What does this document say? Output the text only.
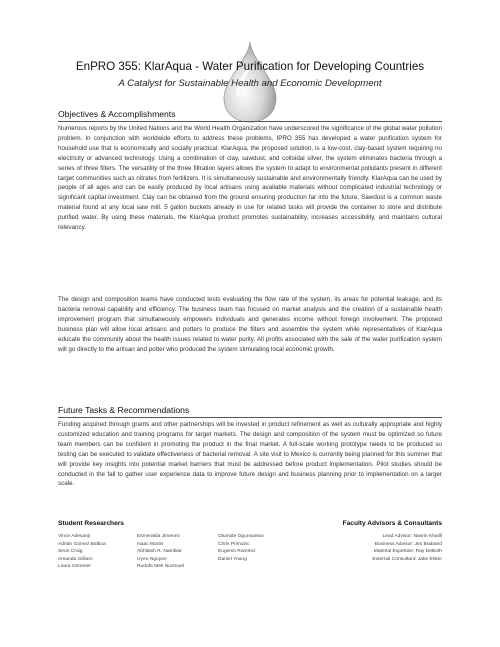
EnPRO 355: KlarAqua - Water Purification for Developing Countries
A Catalyst for Sustainable Health and Economic Development
Objectives & Accomplishments

Numerous reports by the United Nations and the World Health Organization have underscored the significance of the global water pollution problem. In conjunction with worldwide efforts to address these problems, IPRO 355 has developed a water purification system for household use that is economically and socially practical. KlarAqua, the proposed solution, is a low-cost, clay-based system requiring no electricity or advanced technology. Using a combination of clay, sawdust, and colloidal silver, the system eliminates bacteria through a series of three filters. The versatility of the three filtration layers allows the system to adapt to environmental pollutants present in different target communities such as nitrates from fertilizers. It is simultaneously sustainable and environmentally friendly. KlarAqua can be used by people of all ages and can be easily produced by local artisans using available materials without complicated industrial technology or significant capital investment. Clay can be obtained from the ground ensuring production far into the future. Sawdust is a common waste material found at any local saw mill. 5 gallon buckets already in use for related tasks will provide the container to store and distribute purified water. By using these materials, the KlarAqua product promotes sustainability, increases accessibility, and maintains cultural relevancy.

The design and composition teams have conducted tests evaluating the flow rate of the system, its areas for potential leakage, and its bacteria removal capability and efficiency. The business team has focused on market analysis and the creation of a sustainable health improvement program that simultaneously empowers individuals and generates income without foreign involvement. The proposed business plan will allow local artisans and potters to produce the filters and assemble the system while representatives of KlarAqua educate the community about the health issues related to water purity. All profits associated with the sale of the water purification system will go directly to the artisan and potter who produced the system stimulating local economic growth.

Future Tasks & Recommendations

Funding acquired through grants and other partnerships will be invested in product refinement as well as culturally appropriate and highly customized education and training programs for target markets. The design and composition of the system must be optimized so future team members can be confident in promoting the product in the final market. A full-scale working prototype needs to be produced so testing can be executed to validate effectiveness of bacterial removal. A site visit to Mexico is currently being planned for this summer that will provide key insights into potential market barriers that must be addressed before product implementation. Pilot studies should be conducted in the fall to gather user experience data to improve future design and business planning prior to implementation on a larger scale.

Student Researchers	Faculty Advisors & Consultants
Vince Adesanji
Adrián Gómez Balboa
Seun Craig
Amanda Gilliam
Laura Grimmer
Esmeralda Jimenez
Isaac Martis
Abhilash R. Nambiar
Uyen Nguyen
Rudofa Mek Nuzmuel
Olumide Ogunsanwo
Chris Primozic
Eugenio Ramirez
Daniel Young
Lead Advisor: Nasrin Khalili
Business Advisor: Jim Braband
Material Expertise: Ray DeBoth
External Consultant: Jake Elster
